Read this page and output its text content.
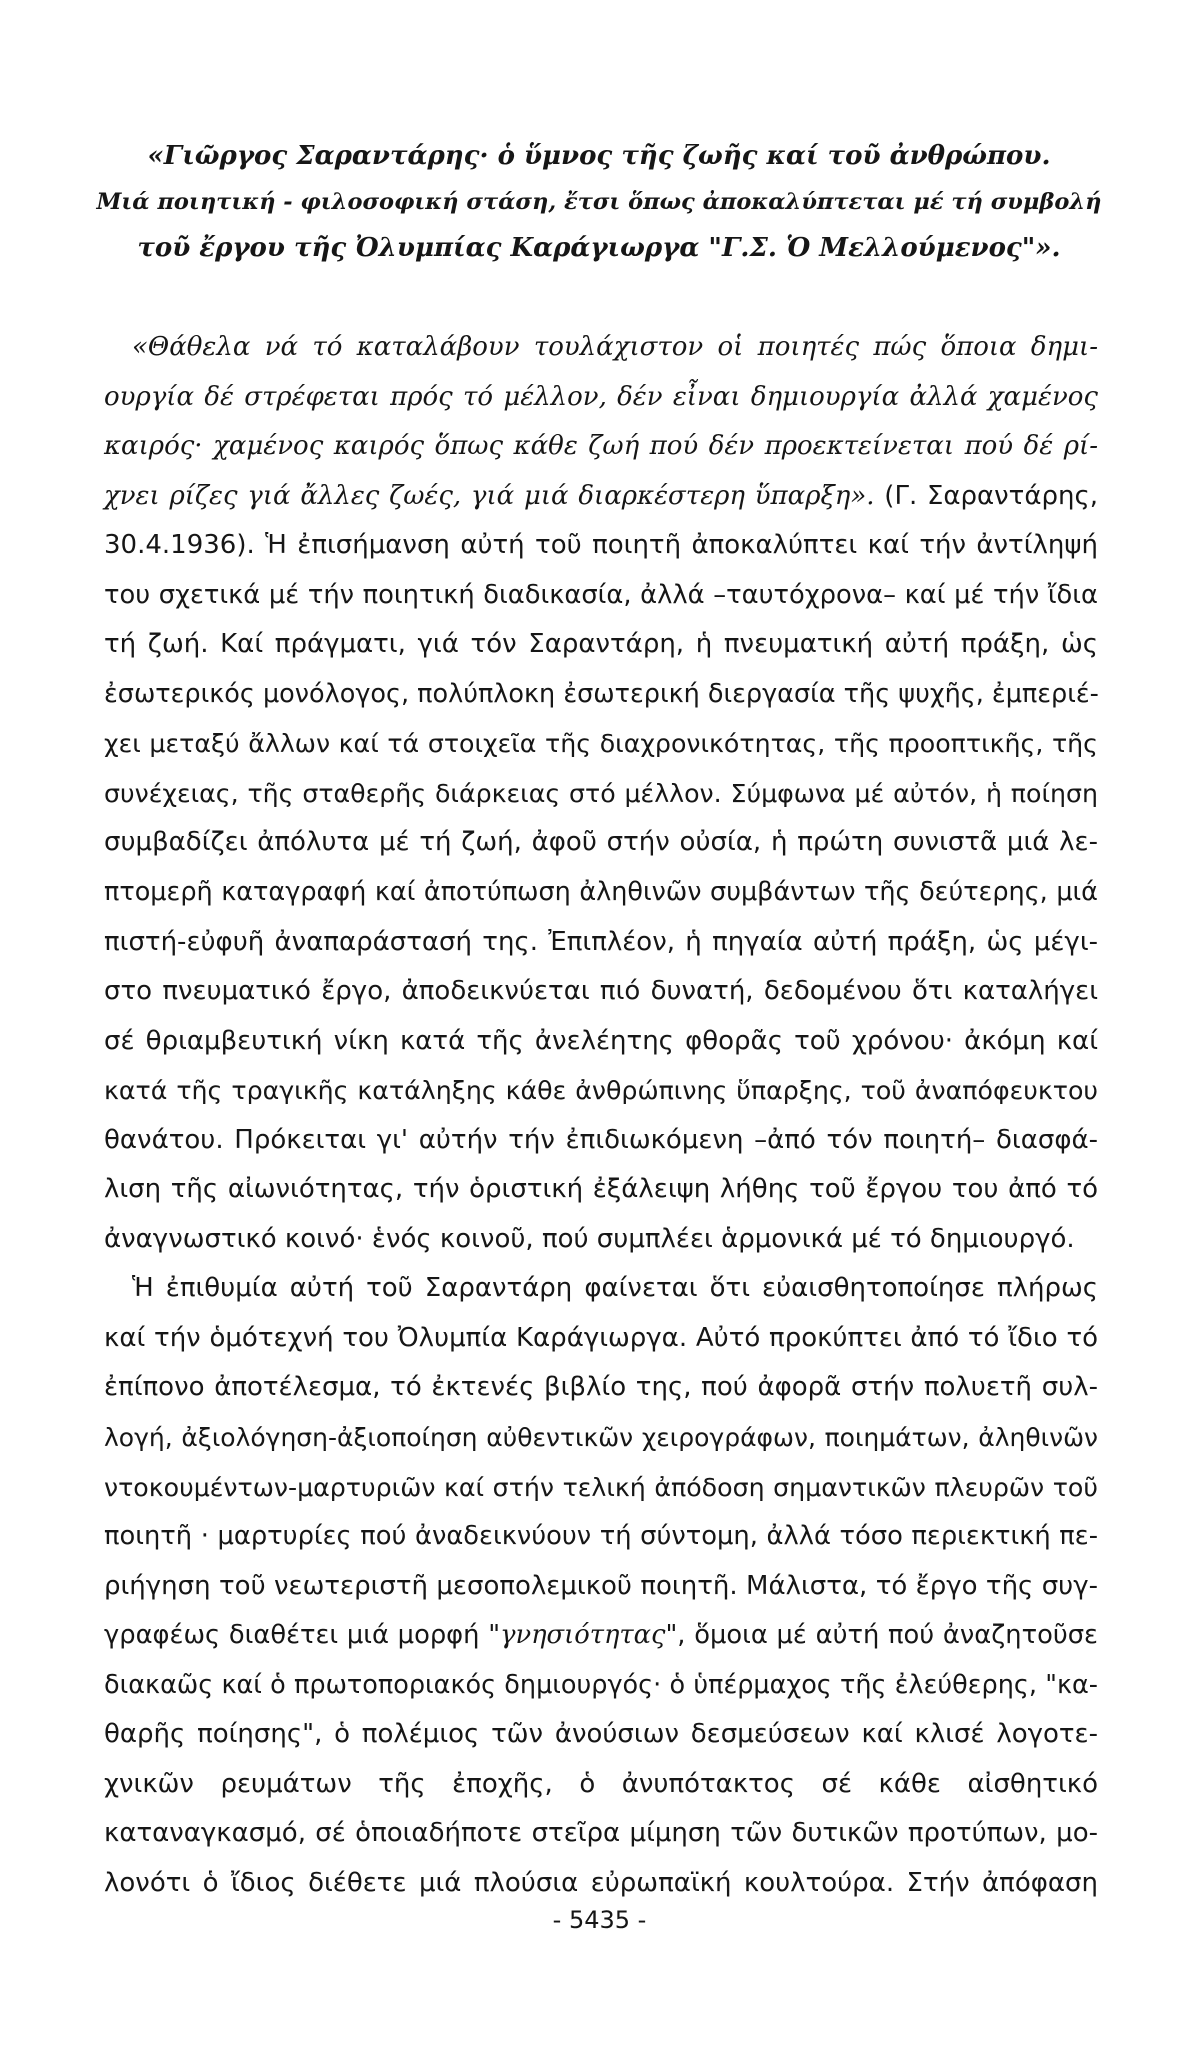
«Γιῶργος Σαραντάρης· ὁ ὕμνος τῆς ζωῆς καί τοῦ ἀνθρώπου.
Μιά ποιητική - φιλοσοφική στάση, ἔτσι ὅπως ἀποκαλύπτεται μέ τή συμβολή
τοῦ ἔργου τῆς Ὀλυμπίας Καράγιωργα "Γ.Σ. Ὁ Μελλούμενος"».
«Θάθελα νά τό καταλάβουν τουλάχιστον οἱ ποιητές πώς ὅποια δημι-
ουργία δέ στρέφεται πρός τό μέλλον, δέν εἶναι δημιουργία ἀλλά χαμένος
καιρός· χαμένος καιρός ὅπως κάθε ζωή πού δέν προεκτείνεται πού δέ ρί-
χνει ρίζες γιά ἄλλες ζωές, γιά μιά διαρκέστερη ὕπαρξη». (Γ. Σαραντάρης,
30.4.1936). Ἡ ἐπισήμανση αὐτή τοῦ ποιητῆ ἀποκαλύπτει καί τήν ἀντίληψή
του σχετικά μέ τήν ποιητική διαδικασία, ἀλλά –ταυτόχρονα– καί μέ τήν ἴδια
τή ζωή. Καί πράγματι, γιά τόν Σαραντάρη, ἡ πνευματική αὐτή πράξη, ὡς
ἐσωτερικός μονόλογος, πολύπλοκη ἐσωτερική διεργασία τῆς ψυχῆς, ἐμπεριέ-
χει μεταξύ ἄλλων καί τά στοιχεῖα τῆς διαχρονικότητας, τῆς προοπτικῆς, τῆς
συνέχειας, τῆς σταθερῆς διάρκειας στό μέλλον. Σύμφωνα μέ αὐτόν, ἡ ποίηση
συμβαδίζει ἀπόλυτα μέ τή ζωή, ἀφοῦ στήν οὐσία, ἡ πρώτη συνιστᾶ μιά λε-
πτομερῆ καταγραφή καί ἀποτύπωση ἀληθινῶν συμβάντων τῆς δεύτερης, μιά
πιστή-εὐφυῆ ἀναπαράστασή της. Ἐπιπλέον, ἡ πηγαία αὐτή πράξη, ὡς μέγι-
στο πνευματικό ἔργο, ἀποδεικνύεται πιό δυνατή, δεδομένου ὅτι καταλήγει
σέ θριαμβευτική νίκη κατά τῆς ἀνελέητης φθορᾶς τοῦ χρόνου· ἀκόμη καί
κατά τῆς τραγικῆς κατάληξης κάθε ἀνθρώπινης ὕπαρξης, τοῦ ἀναπόφευκτου
θανάτου. Πρόκειται γι' αὐτήν τήν ἐπιδιωκόμενη –ἀπό τόν ποιητή– διασφά-
λιση τῆς αἰωνιότητας, τήν ὁριστική ἐξάλειψη λήθης τοῦ ἔργου του ἀπό τό
ἀναγνωστικό κοινό· ἑνός κοινοῦ, πού συμπλέει ἁρμονικά μέ τό δημιουργό.
Ἡ ἐπιθυμία αὐτή τοῦ Σαραντάρη φαίνεται ὅτι εὐαισθητοποίησε πλήρως
καί τήν ὁμότεχνή του Ὀλυμπία Καράγιωργα. Αὐτό προκύπτει ἀπό τό ἴδιο τό
ἐπίπονο ἀποτέλεσμα, τό ἐκτενές βιβλίο της, πού ἀφορᾶ στήν πολυετῆ συλ-
λογή, ἀξιολόγηση-ἀξιοποίηση αὐθεντικῶν χειρογράφων, ποιημάτων, ἀληθινῶν
ντοκουμέντων-μαρτυριῶν καί στήν τελική ἀπόδοση σημαντικῶν πλευρῶν τοῦ
ποιητῆ · μαρτυρίες πού ἀναδεικνύουν τή σύντομη, ἀλλά τόσο περιεκτική πε-
ριήγηση τοῦ νεωτεριστῆ μεσοπολεμικοῦ ποιητῆ. Μάλιστα, τό ἔργο τῆς συγ-
γραφέως διαθέτει μιά μορφή "γνησιότητας", ὅμοια μέ αὐτή πού ἀναζητοῦσε
διακαῶς καί ὁ πρωτοποριακός δημιουργός· ὁ ὑπέρμαχος τῆς ἐλεύθερης, "κα-
θαρῆς ποίησης", ὁ πολέμιος τῶν ἀνούσιων δεσμεύσεων καί κλισέ λογοτε-
χνικῶν ρευμάτων τῆς ἐποχῆς, ὁ ἀνυπότακτος σέ κάθε αἰσθητικό
καταναγκασμό, σέ ὁποιαδήποτε στεῖρα μίμηση τῶν δυτικῶν προτύπων, μο-
λονότι ὁ ἴδιος διέθετε μιά πλούσια εὐρωπαϊκή κουλτούρα. Στήν ἀπόφαση
- 5435 -
